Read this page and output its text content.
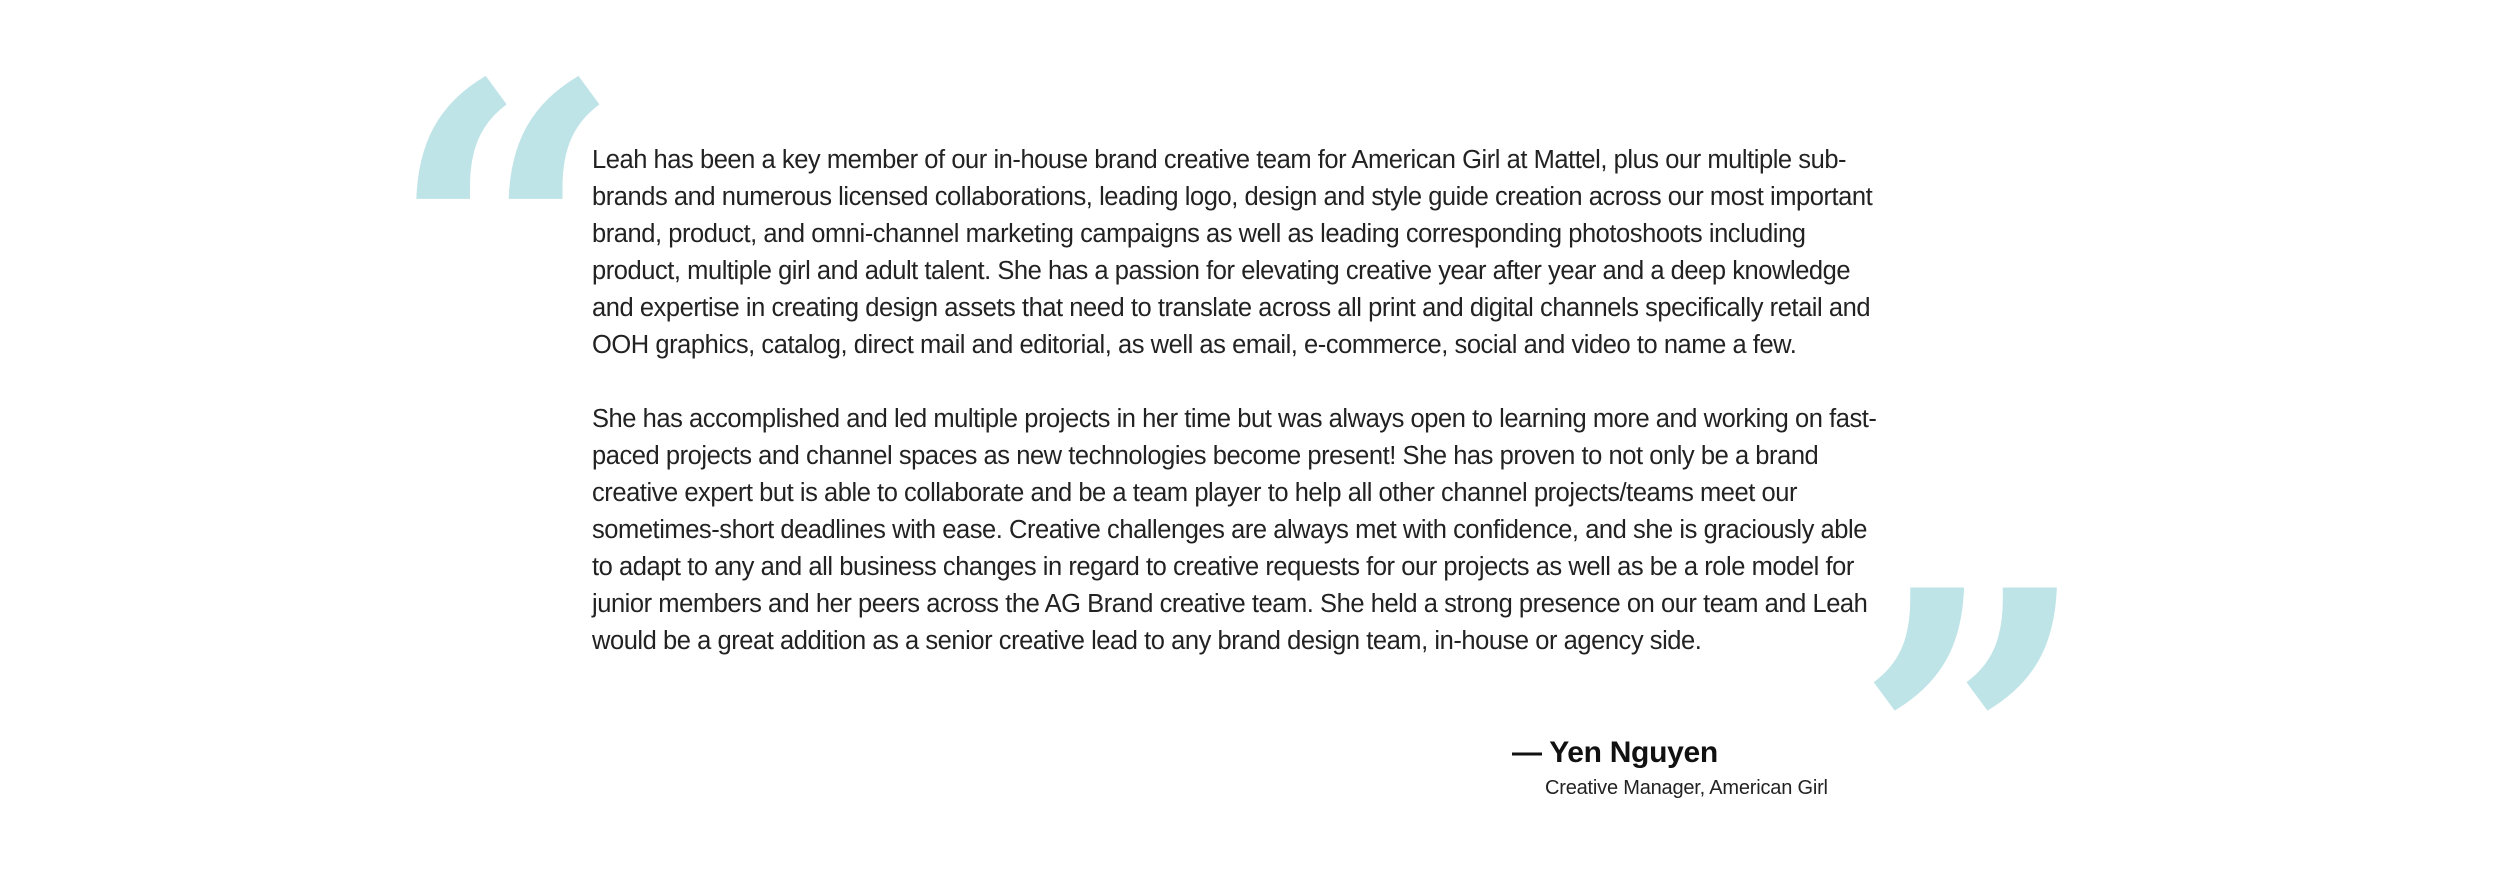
“

Leah has been a key member of our in-house brand creative team for American Girl at Mattel, plus our multiple sub-brands and numerous licensed collaborations, leading logo, design and style guide creation across our most important brand, product, and omni-channel marketing campaigns as well as leading corresponding photoshoots including product, multiple girl and adult talent. She has a passion for elevating creative year after year and a deep knowledge and expertise in creating design assets that need to translate across all print and digital channels specifically retail and OOH graphics, catalog, direct mail and editorial, as well as email, e-commerce, social and video to name a few.

She has accomplished and led multiple projects in her time but was always open to learning more and working on fast-paced projects and channel spaces as new technologies become present! She has proven to not only be a brand creative expert but is able to collaborate and be a team player to help all other channel projects/teams meet our sometimes-short deadlines with ease. Creative challenges are always met with confidence, and she is graciously able to adapt to any and all business changes in regard to creative requests for our projects as well as be a role model for junior members and her peers across the AG Brand creative team. She held a strong presence on our team and Leah would be a great addition as a senior creative lead to any brand design team, in-house or agency side. ”
— Yen Nguyen
Creative Manager, American Girl
